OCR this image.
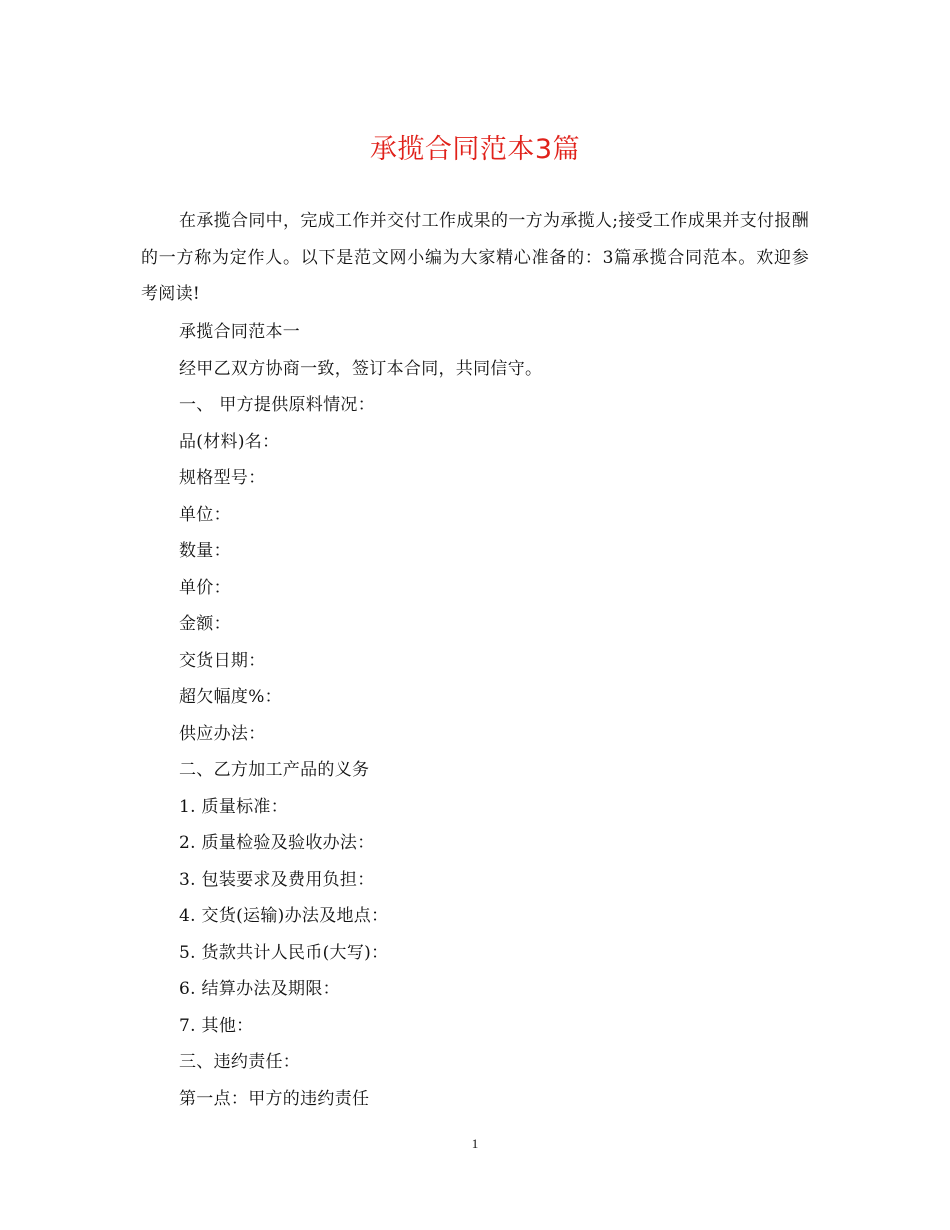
承揽合同范本3篇

在承揽合同中，完成工作并交付工作成果的一方为承揽人;接受工作成果并支付报酬的一方称为定作人。以下是范文网小编为大家精心准备的：3篇承揽合同范本。欢迎参考阅读!

承揽合同范本一
经甲乙双方协商一致，签订本合同，共同信守。
一、 甲方提供原料情况：
品(材料)名：
规格型号：
单位：
数量：
单价：
金额：
交货日期：
超欠幅度%：
供应办法：
二、乙方加工产品的义务
1. 质量标准：
2. 质量检验及验收办法：
3. 包装要求及费用负担：
4. 交货(运输)办法及地点：
5. 货款共计人民币(大写)：
6. 结算办法及期限：
7. 其他：
三、违约责任：
第一点：甲方的违约责任
1
